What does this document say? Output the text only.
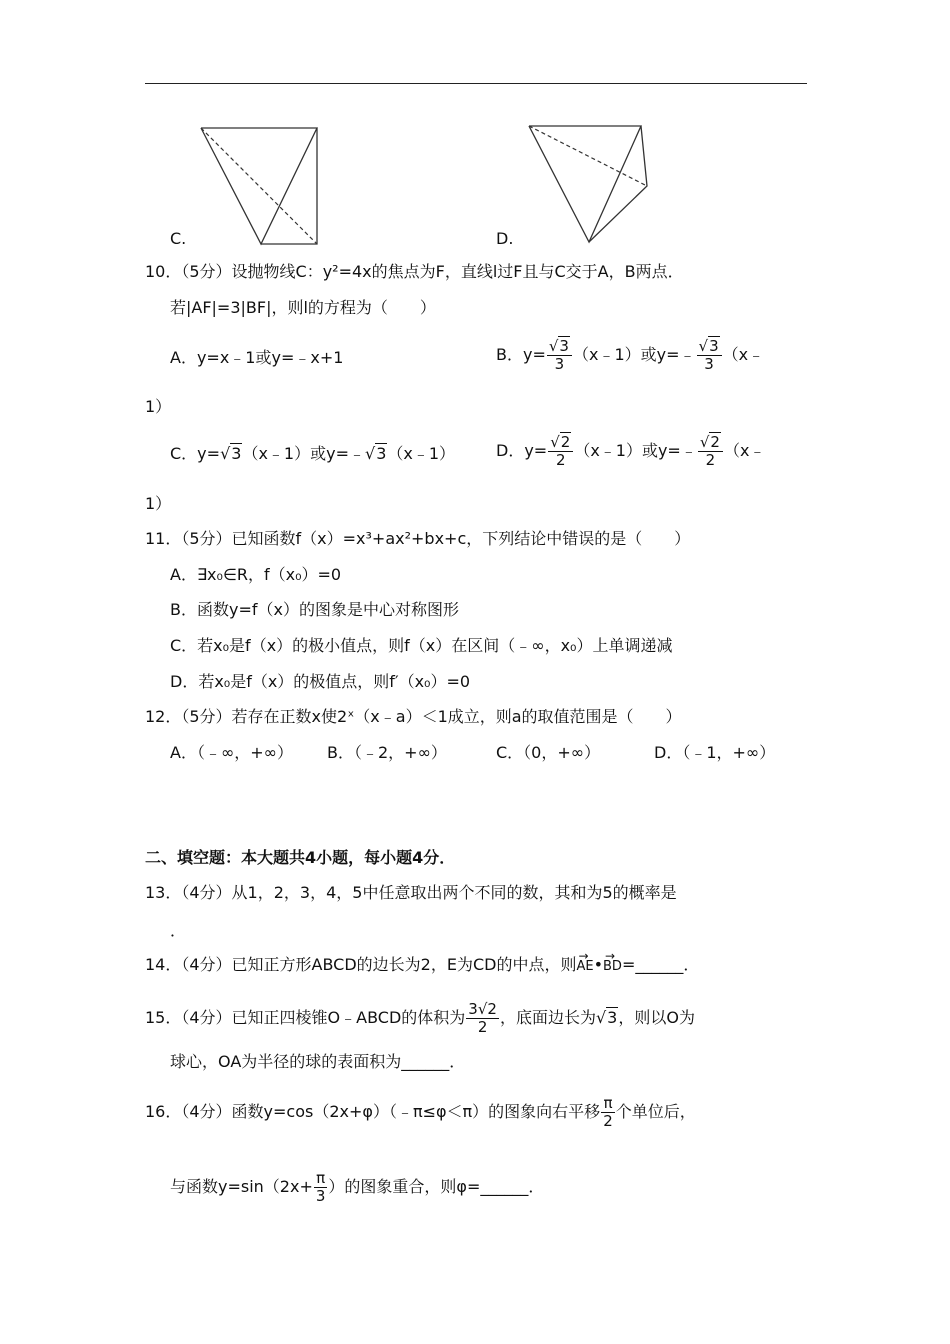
C.	D.
10．（5分）设抛物线C：y²=4x的焦点为F，直线l过F且与C交于A，B两点．
若|AF|=3|BF|，则l的方程为（　　）
A．y=x﹣1或y=﹣x+1	B．$y= \frac{√3}{3}$ （x﹣1）或y=﹣ $\frac{√3}{3}$ （x﹣
1）
C．y=√3（x﹣1）或y=﹣√3（x﹣1）	D．$y= \frac{√2}{2}$ （x﹣1）或y=﹣ $\frac{√2}{2}$ （x﹣
1）
11．（5分）已知函数f（x）=x³+ax²+bx+c，下列结论中错误的是（　　）
A．∃x₀∈R，f（x₀）=0
B．函数y=f（x）的图象是中心对称图形
C．若x₀是f（x）的极小值点，则f（x）在区间（﹣∞，x₀）上单调递减
D．若x₀是f（x）的极值点，则f′（x₀）=0
12．（5分）若存在正数x使2ˣ（x﹣a）＜1成立，则a的取值范围是（　　）
A．（﹣∞，+∞） B．（﹣2，+∞）	C．（0，+∞）	D．（﹣1，+∞）
二、填空题：本大题共4小题，每小题4分．
13．（4分）从1，2，3，4，5中任意取出两个不同的数，其和为5的概率是
．
14．（4分）已知正方形ABCD的边长为2，E为CD的中点，则→ AE•→ BD=______．
15．（4分）已知正四棱锥O﹣ABCD的体积为 $\frac{3√2}{2}$ ，底面边长为√3，则以O为
球心，OA为半径的球的表面积为______．
16．（4分）函数y=cos（2x+φ）（﹣π≤φ＜π）的图象向右平移 $\frac{\pi}{2}$ 个单位后，
与函数$y=\sin(2x+ \frac{\pi}{3}$ ）的图象重合，则φ=______．
